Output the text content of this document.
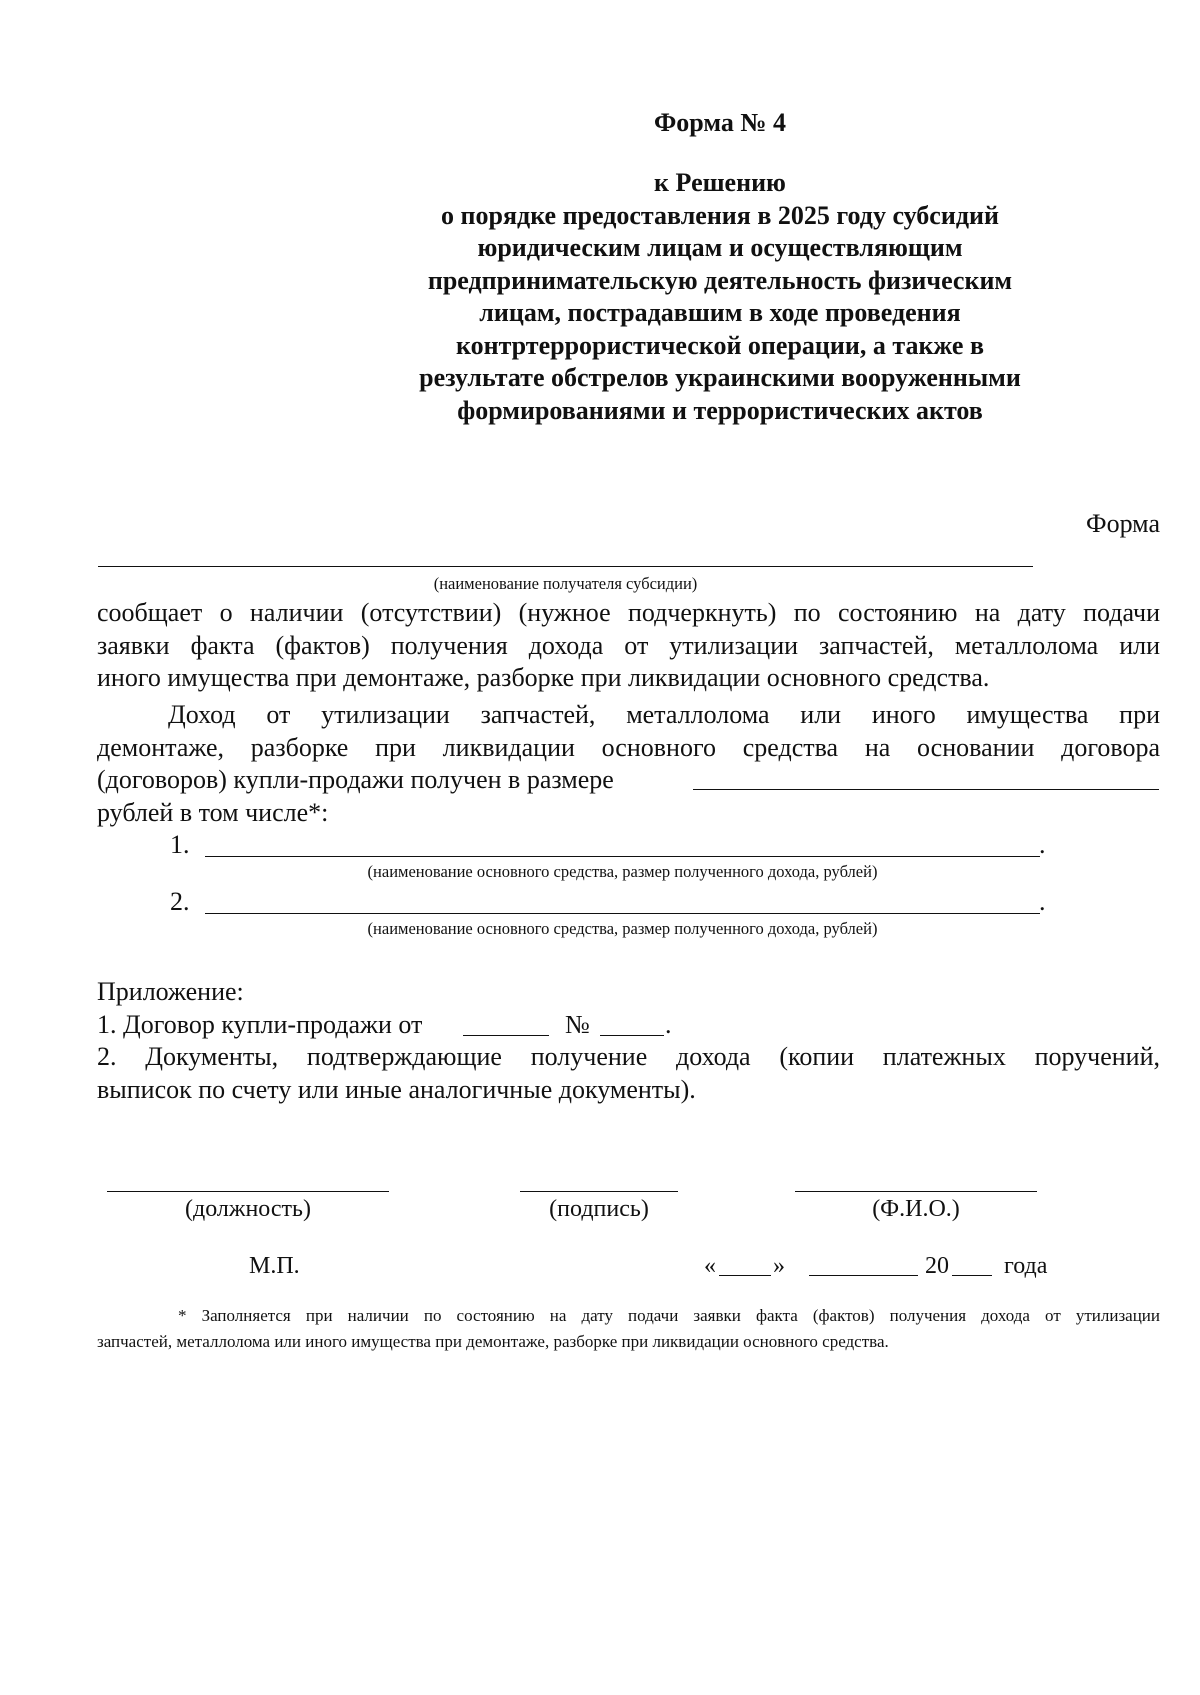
Форма № 4
к Решению
о порядке предоставления в 2025 году субсидий
юридическим лицам и осуществляющим
предпринимательскую деятельность физическим
лицам, пострадавшим в ходе проведения
контртеррористической операции, а также в
результате обстрелов украинскими вооруженными
формированиями и террористических актов
Форма
(наименование получателя субсидии)
сообщает о наличии (отсутствии) (нужное подчеркнуть) по состоянию на дату подачи
заявки факта (фактов) получения дохода от утилизации запчастей, металлолома или
иного имущества при демонтаже, разборке при ликвидации основного средства.
Доход от утилизации запчастей, металлолома или иного имущества при
демонтаже, разборке при ликвидации основного средства на основании договора
(договоров) купли-продажи получен в размере
рублей в том числе*:
1.	.
(наименование основного средства, размер полученного дохода, рублей)
2.	.
(наименование основного средства, размер полученного дохода, рублей)
Приложение:
1. Договор купли-продажи от	№	.
2. Документы, подтверждающие получение дохода (копии платежных поручений,
выписок по счету или иные аналогичные документы).
(должность)	(подпись)	(Ф.И.О.)
М.П.	« »	20 года
* Заполняется при наличии по состоянию на дату подачи заявки факта (фактов) получения дохода от утилизации
запчастей, металлолома или иного имущества при демонтаже, разборке при ликвидации основного средства.
